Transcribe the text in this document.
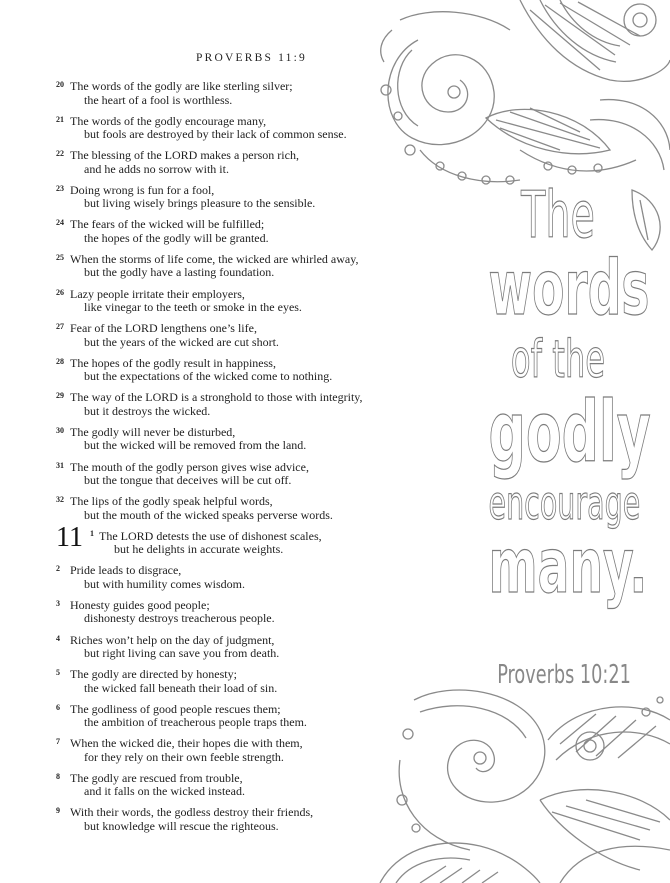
PROVERBS 11:9
20 The words of the godly are like sterling silver;
the heart of a fool is worthless.
21 The words of the godly encourage many,
but fools are destroyed by their lack of common sense.
22 The blessing of the LORD makes a person rich,
and he adds no sorrow with it.
23 Doing wrong is fun for a fool,
but living wisely brings pleasure to the sensible.
24 The fears of the wicked will be fulfilled;
the hopes of the godly will be granted.
25 When the storms of life come, the wicked are whirled away,
but the godly have a lasting foundation.
26 Lazy people irritate their employers,
like vinegar to the teeth or smoke in the eyes.
27 Fear of the LORD lengthens one’s life,
but the years of the wicked are cut short.
28 The hopes of the godly result in happiness,
but the expectations of the wicked come to nothing.
29 The way of the LORD is a stronghold to those with integrity,
but it destroys the wicked.
30 The godly will never be disturbed,
but the wicked will be removed from the land.
31 The mouth of the godly person gives wise advice,
but the tongue that deceives will be cut off.
32 The lips of the godly speak helpful words,
but the mouth of the wicked speaks perverse words.
11 1 The LORD detests the use of dishonest scales,
but he delights in accurate weights.
2 Pride leads to disgrace,
but with humility comes wisdom.
3 Honesty guides good people;
dishonesty destroys treacherous people.
4 Riches won’t help on the day of judgment,
but right living can save you from death.
5 The godly are directed by honesty;
the wicked fall beneath their load of sin.
6 The godliness of good people rescues them;
the ambition of treacherous people traps them.
7 When the wicked die, their hopes die with them,
for they rely on their own feeble strength.
8 The godly are rescued from trouble,
and it falls on the wicked instead.
9 With their words, the godless destroy their friends,
but knowledge will rescue the righteous.
The
words
of the
godly
encourage
many.
Proverbs 10:21
